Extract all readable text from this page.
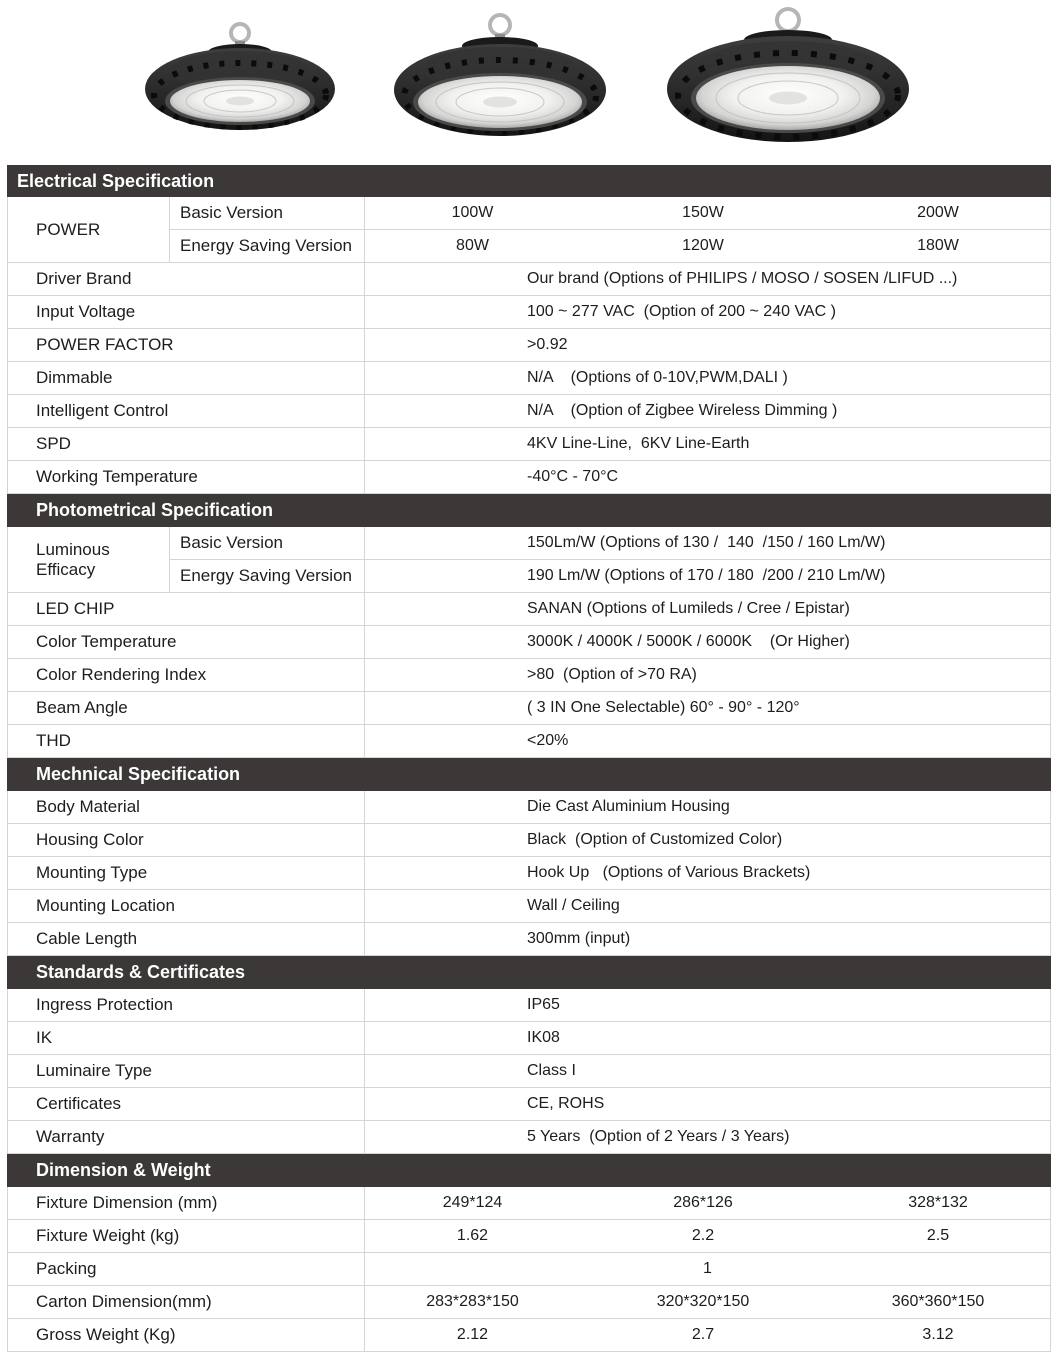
Electrical Specification
POWER
Basic Version	100W	150W	200W
Energy Saving Version	80W	120W	180W
Driver Brand	Our brand (Options of PHILIPS / MOSO / SOSEN /LIFUD ...)
Input Voltage	100 ~ 277 VAC  (Option of 200 ~ 240 VAC )
POWER FACTOR	>0.92
Dimmable	N/A    (Options of 0-10V,PWM,DALI )
Intelligent Control	N/A    (Option of Zigbee Wireless Dimming )
SPD	4KV Line-Line,  6KV Line-Earth
Working Temperature	-40°C - 70°C
Photometrical Specification
Luminous Efficacy
Basic Version	150Lm/W (Options of 130 /  140  /150 / 160 Lm/W)
Energy Saving Version	190 Lm/W (Options of 170 / 180  /200 / 210 Lm/W)
LED CHIP	SANAN (Options of Lumileds / Cree / Epistar)
Color Temperature	3000K / 4000K / 5000K / 6000K    (Or Higher)
Color Rendering Index	>80  (Option of >70 RA)
Beam Angle	( 3 IN One Selectable) 60° - 90° - 120°
THD	<20%
Mechnical Specification
Body Material	Die Cast Aluminium Housing
Housing Color	Black  (Option of Customized Color)
Mounting Type	Hook Up   (Options of Various Brackets)
Mounting Location	Wall / Ceiling
Cable Length	300mm (input)
Standards & Certificates
Ingress Protection	IP65
IK	IK08
Luminaire Type	Class I
Certificates	CE, ROHS
Warranty	5 Years  (Option of 2 Years / 3 Years)
Dimension & Weight
Fixture Dimension (mm)	249*124	286*126	328*132
Fixture Weight (kg)	1.62	2.2	2.5
Packing	1
Carton Dimension(mm)	283*283*150	320*320*150	360*360*150
Gross Weight (Kg)	2.12	2.7	3.12
